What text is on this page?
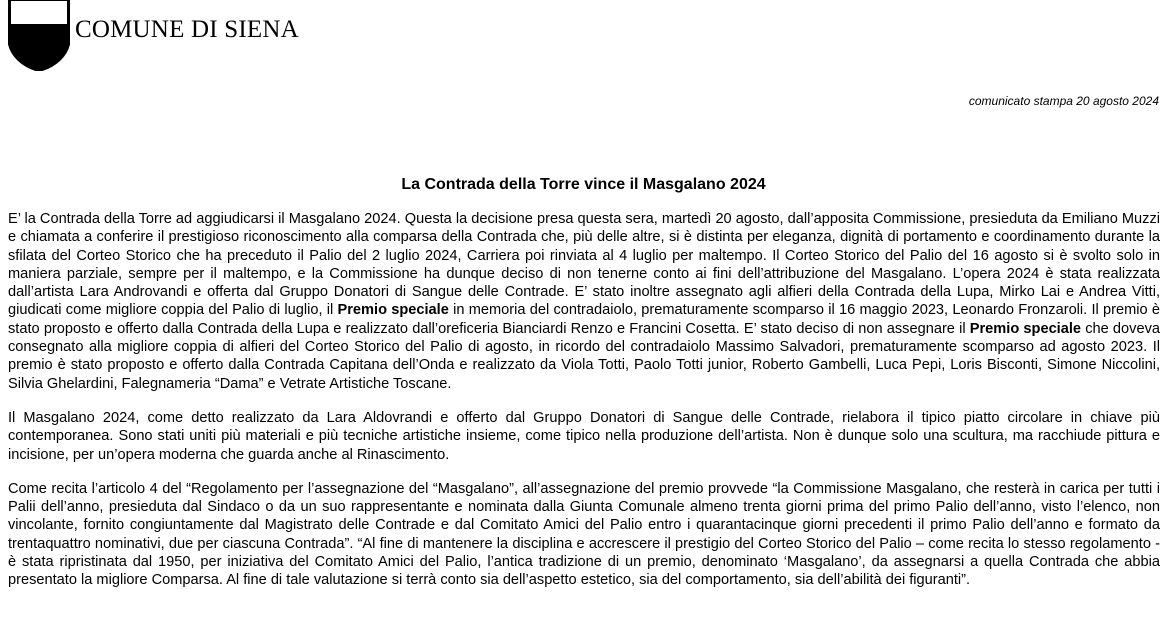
COMUNE DI SIENA
comunicato stampa 20 agosto 2024
La Contrada della Torre vince il Masgalano 2024

E’ la Contrada della Torre ad aggiudicarsi il Masgalano 2024. Questa la decisione presa questa sera, martedì 20 agosto, dall’apposita Commissione, presieduta da Emiliano Muzzi e chiamata a conferire il prestigioso riconoscimento alla comparsa della Contrada che, più delle altre, si è distinta per eleganza, dignità di portamento e coordinamento durante la sfilata del Corteo Storico che ha preceduto il Palio del 2 luglio 2024, Carriera poi rinviata al 4 luglio per maltempo. Il Corteo Storico del Palio del 16 agosto si è svolto solo in maniera parziale, sempre per il maltempo, e la Commissione ha dunque deciso di non tenerne conto ai fini dell’attribuzione del Masgalano. L’opera 2024 è stata realizzata dall’artista Lara Androvandi e offerta dal Gruppo Donatori di Sangue delle Contrade. E’ stato inoltre assegnato agli alfieri della Contrada della Lupa, Mirko Lai e Andrea Vitti, giudicati come migliore coppia del Palio di luglio, il Premio speciale in memoria del contradaiolo, prematuramente scomparso il 16 maggio 2023, Leonardo Fronzaroli. Il premio è stato proposto e offerto dalla Contrada della Lupa e realizzato dall’oreficeria Bianciardi Renzo e Francini Cosetta. E’ stato deciso di non assegnare il Premio speciale che doveva consegnato alla migliore coppia di alfieri del Corteo Storico del Palio di agosto, in ricordo del contradaiolo Massimo Salvadori, prematuramente scomparso ad agosto 2023. Il premio è stato proposto e offerto dalla Contrada Capitana dell’Onda e realizzato da Viola Totti, Paolo Totti junior, Roberto Gambelli, Luca Pepi, Loris Bisconti, Simone Niccolini, Silvia Ghelardini, Falegnameria “Dama” e Vetrate Artistiche Toscane.

Il Masgalano 2024, come detto realizzato da Lara Aldovrandi e offerto dal Gruppo Donatori di Sangue delle Contrade, rielabora il tipico piatto circolare in chiave più contemporanea. Sono stati uniti più materiali e più tecniche artistiche insieme, come tipico nella produzione dell’artista. Non è dunque solo una scultura, ma racchiude pittura e incisione, per un’opera moderna che guarda anche al Rinascimento.

Come recita l’articolo 4 del “Regolamento per l’assegnazione del “Masgalano”, all’assegnazione del premio provvede “la Commissione Masgalano, che resterà in carica per tutti i Palii dell’anno, presieduta dal Sindaco o da un suo rappresentante e nominata dalla Giunta Comunale almeno trenta giorni prima del primo Palio dell’anno, visto l’elenco, non vincolante, fornito congiuntamente dal Magistrato delle Contrade e dal Comitato Amici del Palio entro i quarantacinque giorni precedenti il primo Palio dell’anno e formato da trentaquattro nominativi, due per ciascuna Contrada”. “Al fine di mantenere la disciplina e accrescere il prestigio del Corteo Storico del Palio – come recita lo stesso regolamento - è stata ripristinata dal 1950, per iniziativa del Comitato Amici del Palio, l’antica tradizione di un premio, denominato ‘Masgalano’, da assegnarsi a quella Contrada che abbia presentato la migliore Comparsa. Al fine di tale valutazione si terrà conto sia dell’aspetto estetico, sia del comportamento, sia dell’abilità dei figuranti”.
